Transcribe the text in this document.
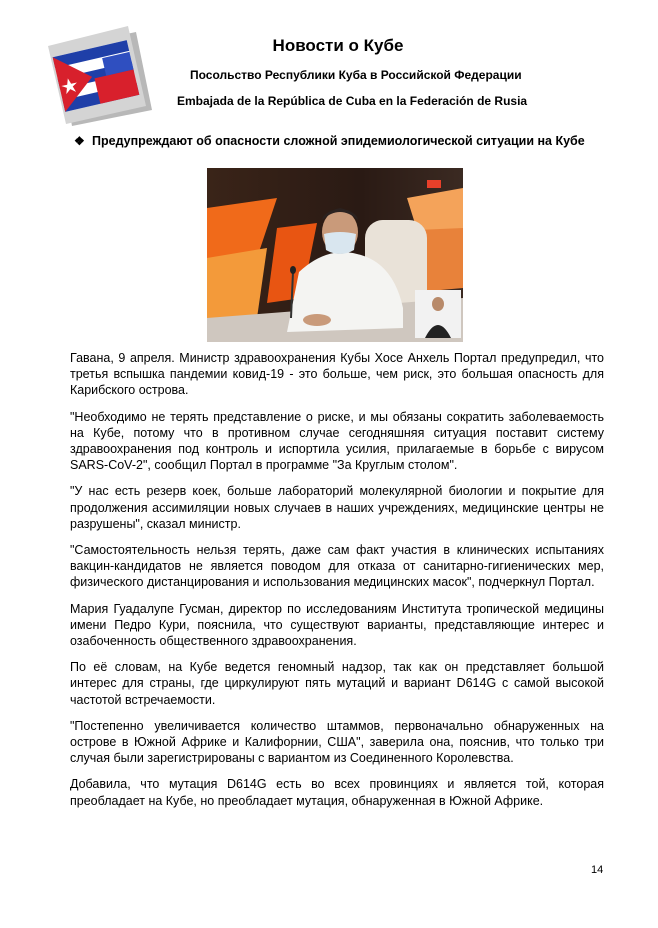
Новости о Кубе
Посольство Республики Куба в Российской Федерации
Embajada de la República de Cuba en la Federación de Rusia
❖ Предупреждают об опасности сложной эпидемиологической ситуации на Кубе

Гавана, 9 апреля. Министр здравоохранения Кубы Хосе Анхель Портал предупредил, что третья вспышка пандемии ковид-19 - это больше, чем риск, это большая опасность для Карибского острова.

"Необходимо не терять представление о риске, и мы обязаны сократить заболеваемость на Кубе, потому что в противном случае сегодняшняя ситуация поставит систему здравоохранения под контроль и испортила усилия, прилагаемые в борьбе с вирусом SARS-CoV-2", сообщил Портал в программе "За Круглым столом".

"У нас есть резерв коек, больше лабораторий молекулярной биологии и покрытие для продолжения ассимиляции новых случаев в наших учреждениях, медицинские центры не разрушены", сказал министр.

"Самостоятельность нельзя терять, даже сам факт участия в клинических испытаниях вакцин-кандидатов не является поводом для отказа от санитарно-гигиенических мер, физического дистанцирования и использования медицинских масок", подчеркнул Портал.

Мария Гуадалупе Гусман, директор по исследованиям Института тропической медицины имени Педро Кури, пояснила, что существуют варианты, представляющие интерес и озабоченность общественного здравоохранения.

По её словам, на Кубе ведется геномный надзор, так как он представляет большой интерес для страны, где циркулируют пять мутаций и вариант D614G с самой высокой частотой встречаемости.

"Постепенно увеличивается количество штаммов, первоначально обнаруженных на острове в Южной Африке и Калифорнии, США", заверила она, пояснив, что только три случая были зарегистрированы с вариантом из Соединенного Королевства.

Добавила, что мутация D614G есть во всех провинциях и является той, которая преобладает на Кубе, но преобладает мутация, обнаруженная в Южной Африке.

14
